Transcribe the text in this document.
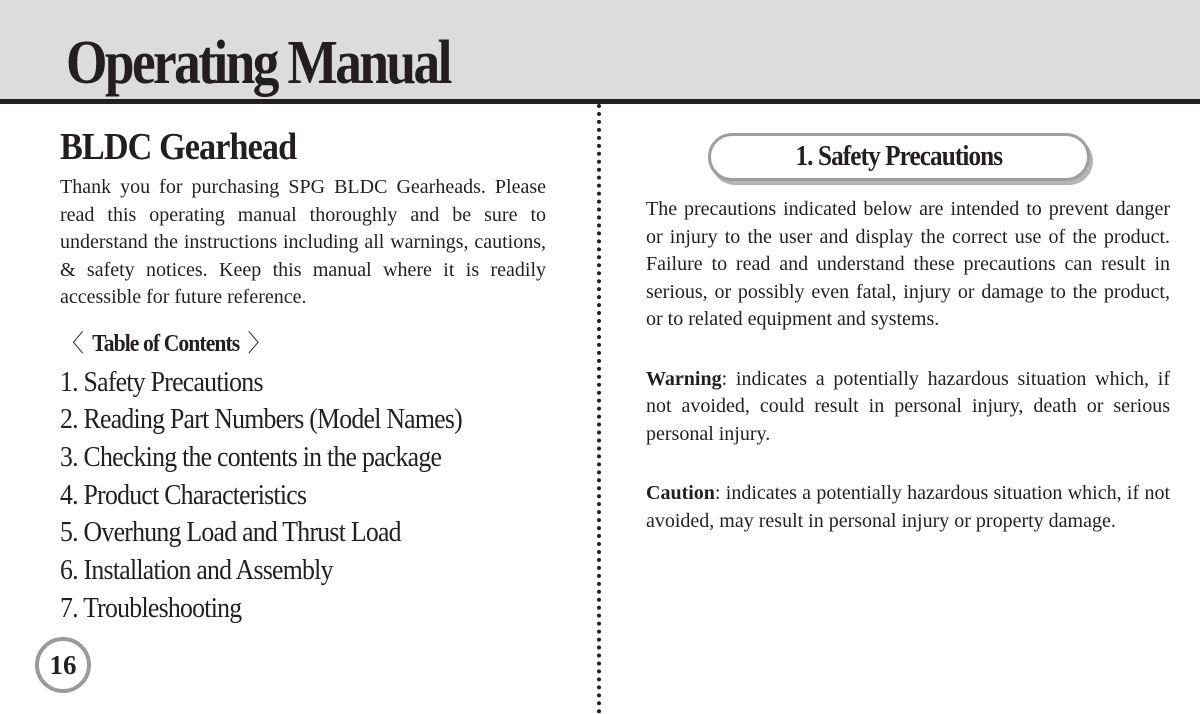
Operating Manual
BLDC Gearhead

Thank you for purchasing SPG BLDC Gearheads. Please read this operating manual thoroughly and be sure to understand the instructions including all warnings, cautions, & safety notices. Keep this manual where it is readily accessible for future reference.

〈 Table of Contents 〉
1. Safety Precautions
2. Reading Part Numbers (Model Names)
3. Checking the contents in the package
4. Product Characteristics
5. Overhung Load and Thrust Load
6. Installation and Assembly
7. Troubleshooting
16
1. Safety Precautions

The precautions indicated below are intended to prevent danger or injury to the user and display the correct use of the product. Failure to read and understand these precautions can result in serious, or possibly even fatal, injury or damage to the product, or to related equipment and systems.

Warning: indicates a potentially hazardous situation which, if not avoided, could result in personal injury, death or serious personal injury.

Caution: indicates a potentially hazardous situation which, if not avoided, may result in personal injury or property damage.
